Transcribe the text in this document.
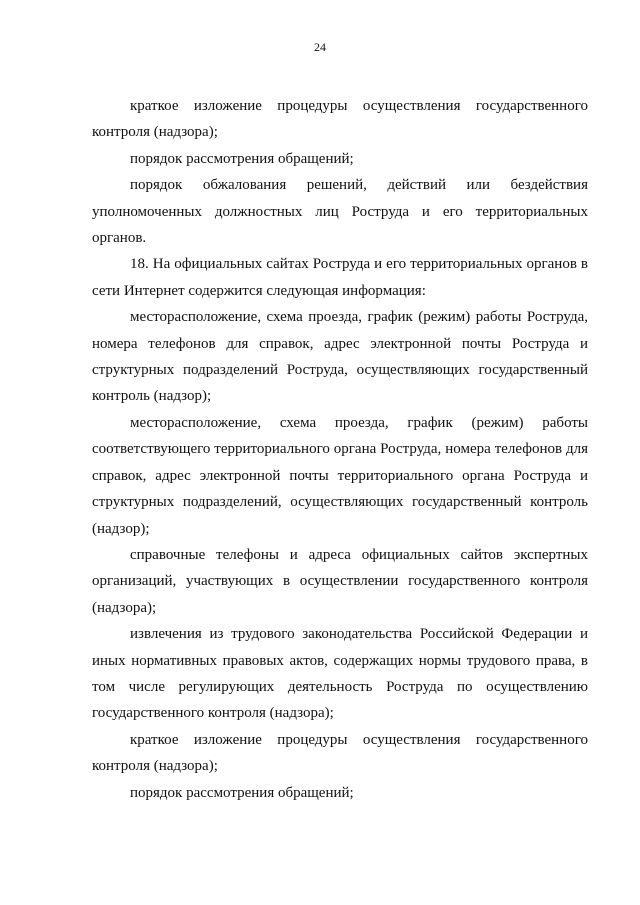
24

краткое изложение процедуры осуществления государственного контроля (надзора);

порядок рассмотрения обращений;

порядок обжалования решений, действий или бездействия уполномоченных должностных лиц Роструда и его территориальных органов.

18. На официальных сайтах Роструда и его территориальных органов в сети Интернет содержится следующая информация:

месторасположение, схема проезда, график (режим) работы Роструда, номера телефонов для справок, адрес электронной почты Роструда и структурных подразделений Роструда, осуществляющих государственный контроль (надзор);

месторасположение, схема проезда, график (режим) работы соответствующего территориального органа Роструда, номера телефонов для справок, адрес электронной почты территориального органа Роструда и структурных подразделений, осуществляющих государственный контроль (надзор);

справочные телефоны и адреса официальных сайтов экспертных организаций, участвующих в осуществлении государственного контроля (надзора);

извлечения из трудового законодательства Российской Федерации и иных нормативных правовых актов, содержащих нормы трудового права, в том числе регулирующих деятельность Роструда по осуществлению государственного контроля (надзора);

краткое изложение процедуры осуществления государственного контроля (надзора);

порядок рассмотрения обращений;
